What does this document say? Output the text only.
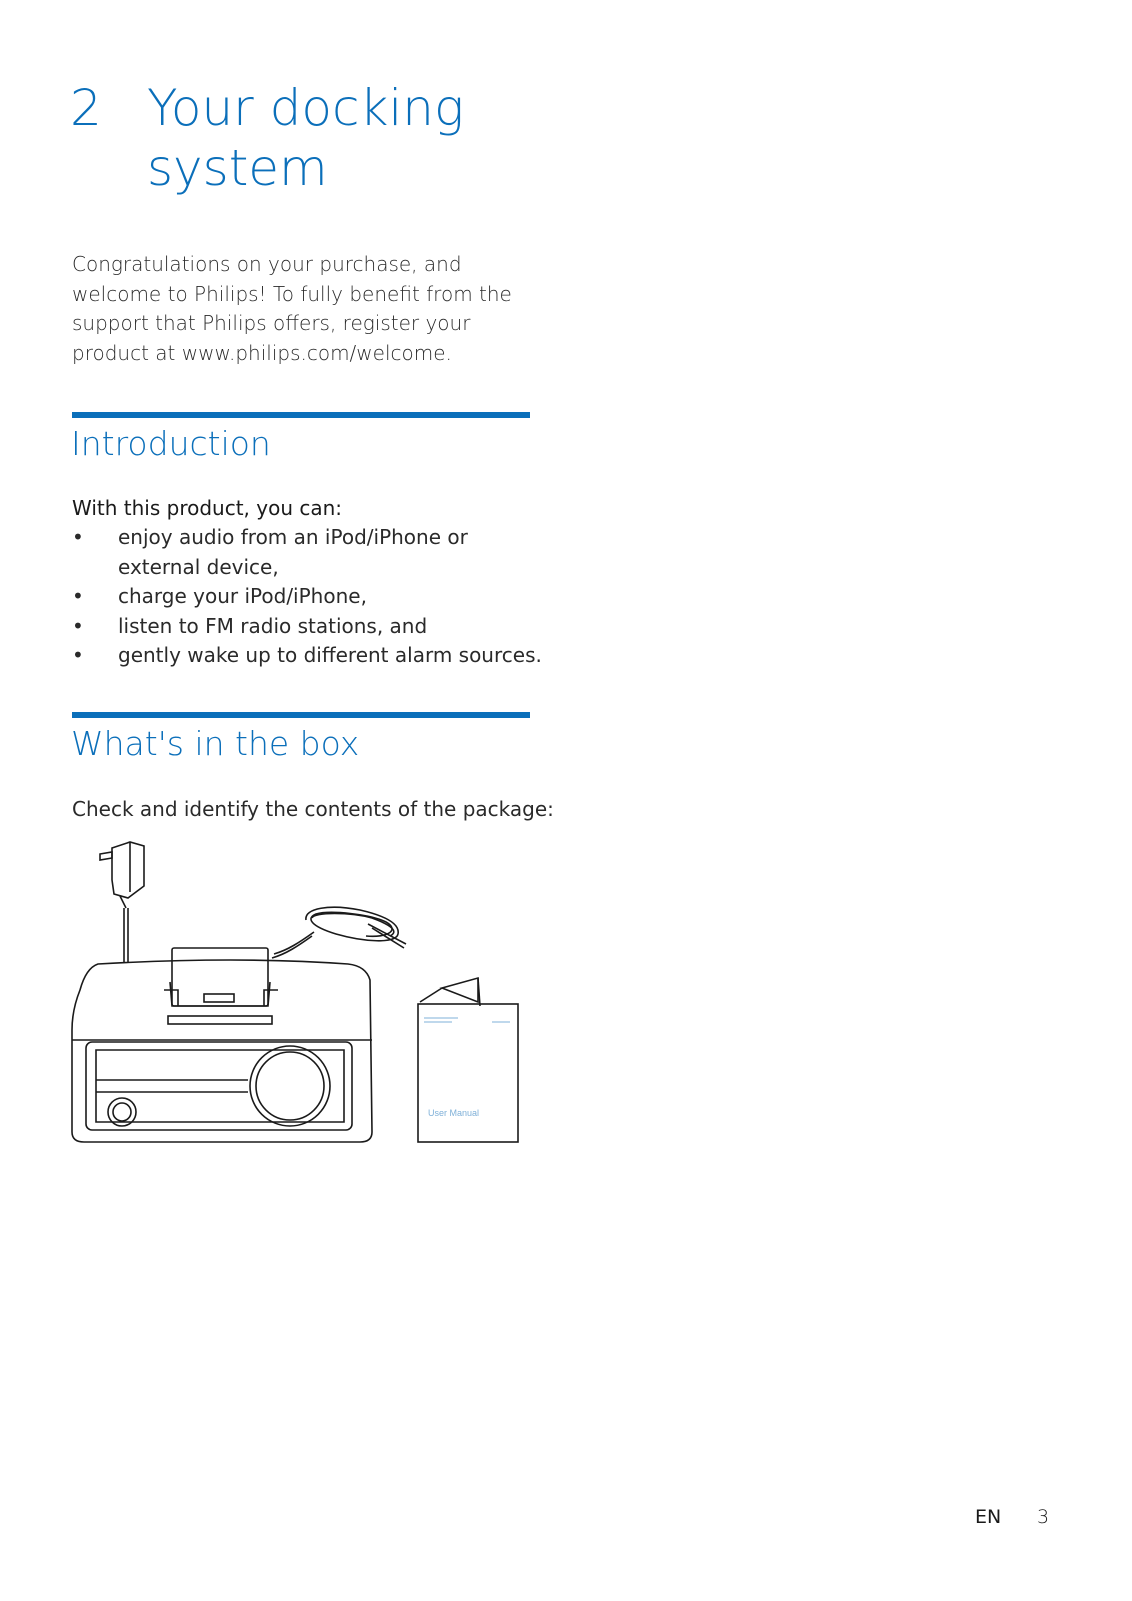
2 Your docking system

Congratulations on your purchase, and welcome to Philips! To fully benefit from the support that Philips offers, register your product at www.philips.com/welcome.

Introduction
With this product, you can:
• enjoy audio from an iPod/iPhone or external device,
• charge your iPod/iPhone,
• listen to FM radio stations, and
• gently wake up to different alarm sources.
What's in the box
Check and identify the contents of the package:
User Manual
EN 3
